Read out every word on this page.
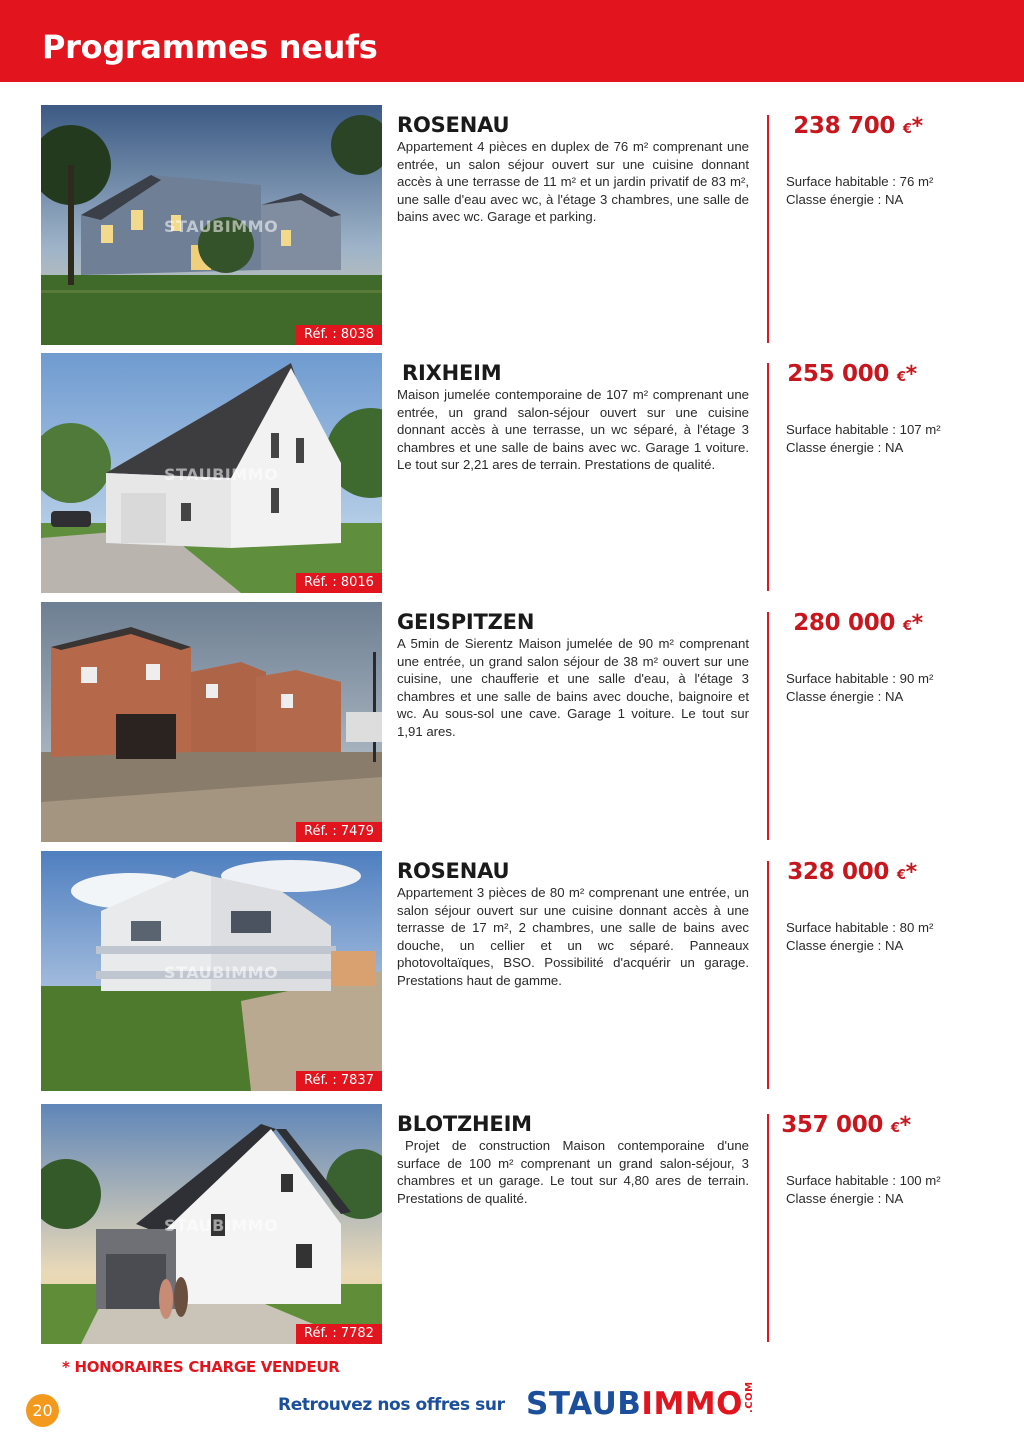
Programmes neufs
STAUBIMMO
Réf. : 8038
ROSENAU
Appartement 4 pièces en duplex de 76 m² comprenant une entrée, un salon séjour ouvert sur une cuisine donnant accès à une terrasse de 11 m² et un jardin privatif de 83 m², une salle d'eau avec wc, à l'étage 3 chambres, une salle de bains avec wc. Garage et parking.
238 700 €*
Surface habitable : 76 m²
Classe énergie : NA
STAUBIMMO
Réf. : 8016
RIXHEIM
Maison jumelée contemporaine de 107 m² comprenant une entrée, un grand salon-séjour ouvert sur une cuisine donnant accès à une terrasse, un wc séparé, à l'étage 3 chambres et une salle de bains avec wc. Garage 1 voiture. Le tout sur 2,21 ares de terrain. Prestations de qualité.
255 000 €*
Surface habitable : 107 m²
Classe énergie : NA
Réf. : 7479
GEISPITZEN
A 5min de Sierentz Maison jumelée de 90 m² comprenant une entrée, un grand salon séjour de 38 m² ouvert sur une cuisine, une chaufferie et une salle d'eau, à l'étage 3 chambres et une salle de bains avec douche, baignoire et wc. Au sous-sol une cave. Garage 1 voiture. Le tout sur 1,91 ares.
280 000 €*
Surface habitable : 90 m²
Classe énergie : NA
STAUBIMMO
Réf. : 7837
ROSENAU
Appartement 3 pièces de 80 m² comprenant une entrée, un salon séjour ouvert sur une cuisine donnant accès à une terrasse de 17 m², 2 chambres, une salle de bains avec douche, un cellier et un wc séparé. Panneaux photovoltaïques, BSO. Possibilité d'acquérir un garage. Prestations haut de gamme.
328 000 €*
Surface habitable : 80 m²
Classe énergie : NA
STAUBIMMO
Réf. : 7782
BLOTZHEIM
Projet de construction Maison contemporaine d'une surface de 100 m² comprenant un grand salon-séjour, 3 chambres et un garage. Le tout sur 4,80 ares de terrain. Prestations de qualité.
357 000 €*
Surface habitable : 100 m²
Classe énergie : NA
* HONORAIRES CHARGE VENDEUR
20	Retrouvez nos offres sur STAUBIMMO.COM
